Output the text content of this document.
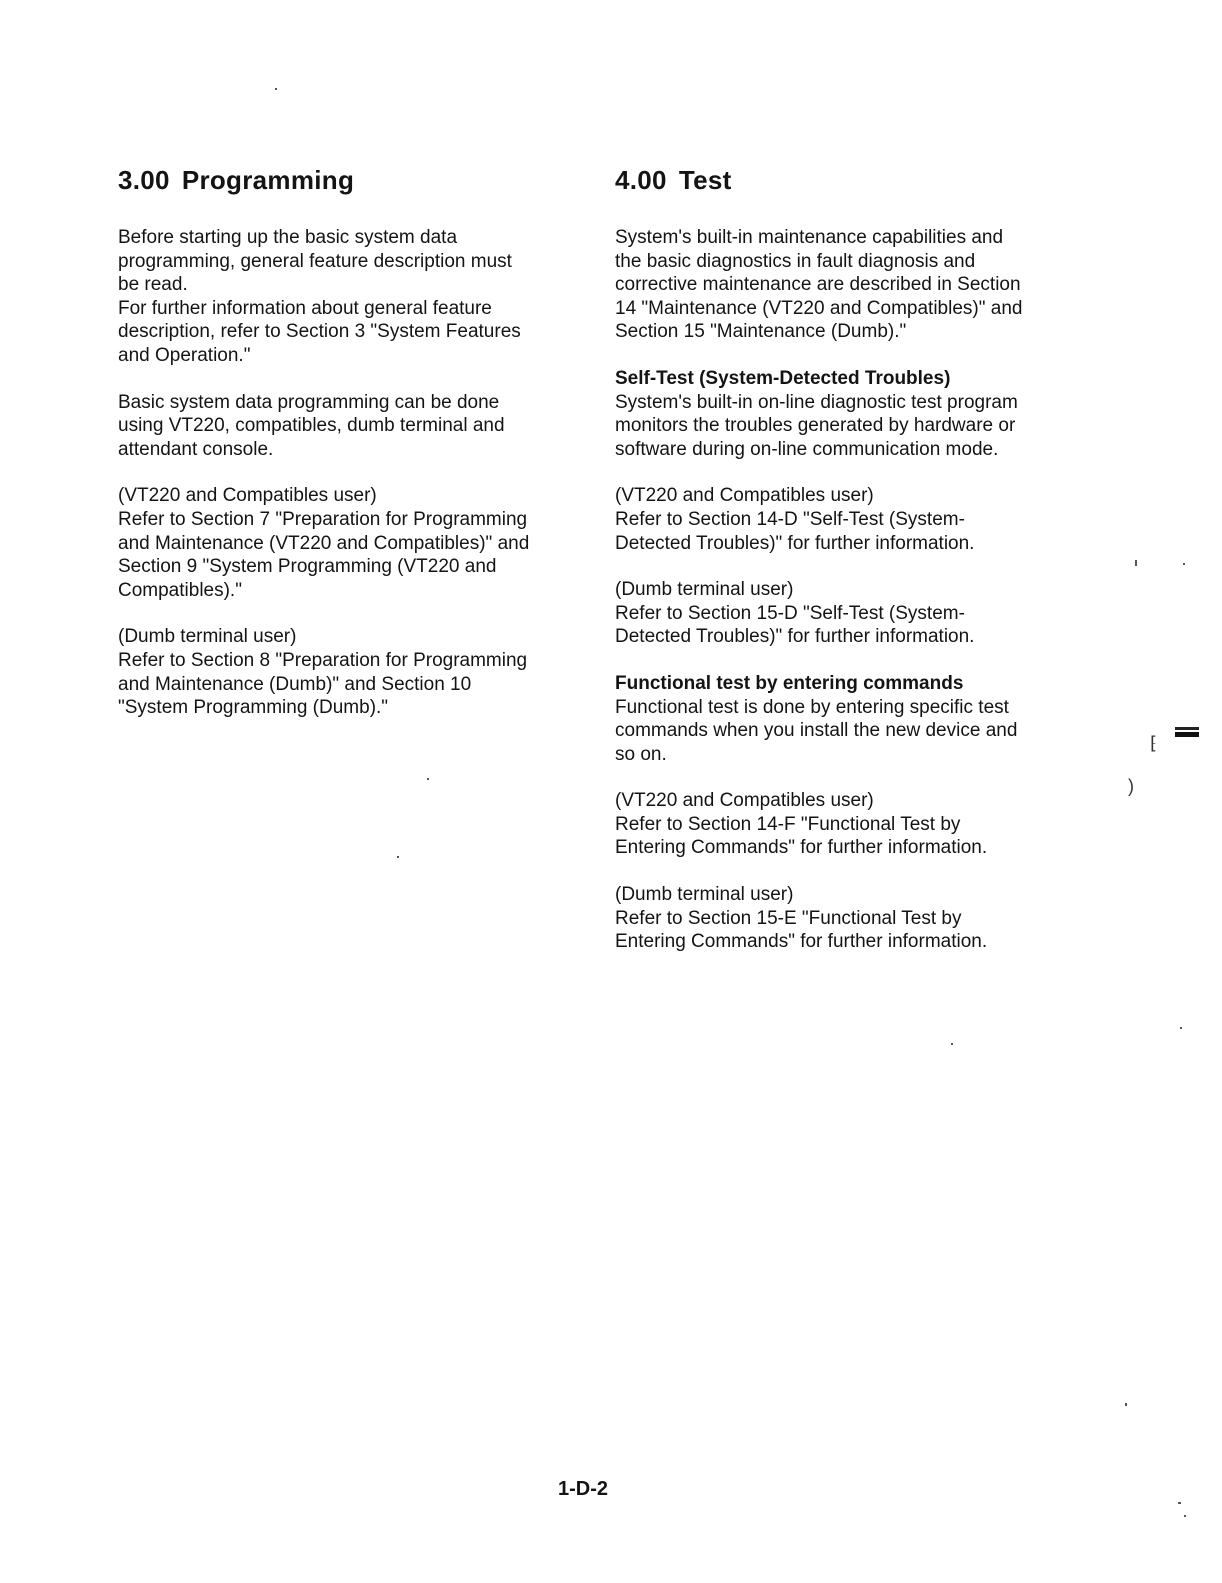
3.00 Programming
Before starting up the basic system data
programming, general feature description must
be read.
For further information about general feature
description, refer to Section 3 "System Features
and Operation."
Basic system data programming can be done
using VT220, compatibles, dumb terminal and
attendant console.
(VT220 and Compatibles user)
Refer to Section 7 "Preparation for Programming
and Maintenance (VT220 and Compatibles)" and
Section 9 "System Programming (VT220 and
Compatibles)."
(Dumb terminal user)
Refer to Section 8 "Preparation for Programming
and Maintenance (Dumb)" and Section 10
"System Programming (Dumb)."
4.00 Test
System's built-in maintenance capabilities and
the basic diagnostics in fault diagnosis and
corrective maintenance are described in Section
14 "Maintenance (VT220 and Compatibles)" and
Section 15 "Maintenance (Dumb)."
Self-Test (System-Detected Troubles)
System's built-in on-line diagnostic test program
monitors the troubles generated by hardware or
software during on-line communication mode.
(VT220 and Compatibles user)
Refer to Section 14-D "Self-Test (System-
Detected Troubles)" for further information.
(Dumb terminal user)
Refer to Section 15-D "Self-Test (System-
Detected Troubles)" for further information.
Functional test by entering commands
Functional test is done by entering specific test
commands when you install the new device and
so on.
(VT220 and Compatibles user)
Refer to Section 14-F "Functional Test by
Entering Commands" for further information.
(Dumb terminal user)
Refer to Section 15-E "Functional Test by
Entering Commands" for further information.
1-D-2
⁅
)
